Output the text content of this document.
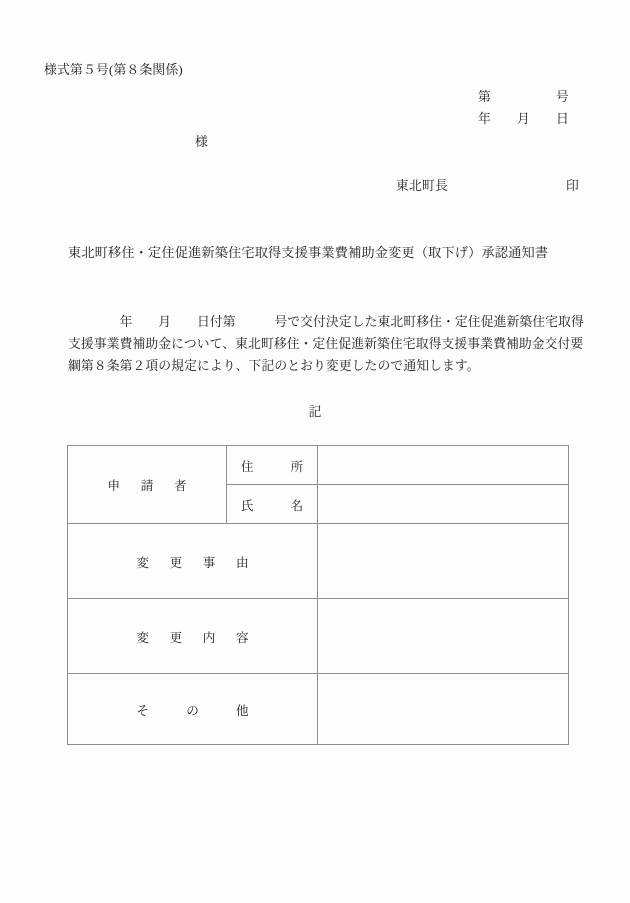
様式第５号(第８条関係)
第　　　　　号
年　　月　　日
様
東北町長	印
東北町移住・定住促進新築住宅取得支援事業費補助金変更（取下げ）承認通知書
　　　　年　　月　　日付第　　　号で交付決定した東北町移住・定住促進新築住宅取得
支援事業費補助金について、東北町移住・定住促進新築住宅取得支援事業費補助金交付要
綱第８条第２項の規定により、下記のとおり変更したので通知します。
記
申　請　者	住　　所	
	氏　　名	
変　更　事　由		
変　更　内　容		
そ　　の　　他		
